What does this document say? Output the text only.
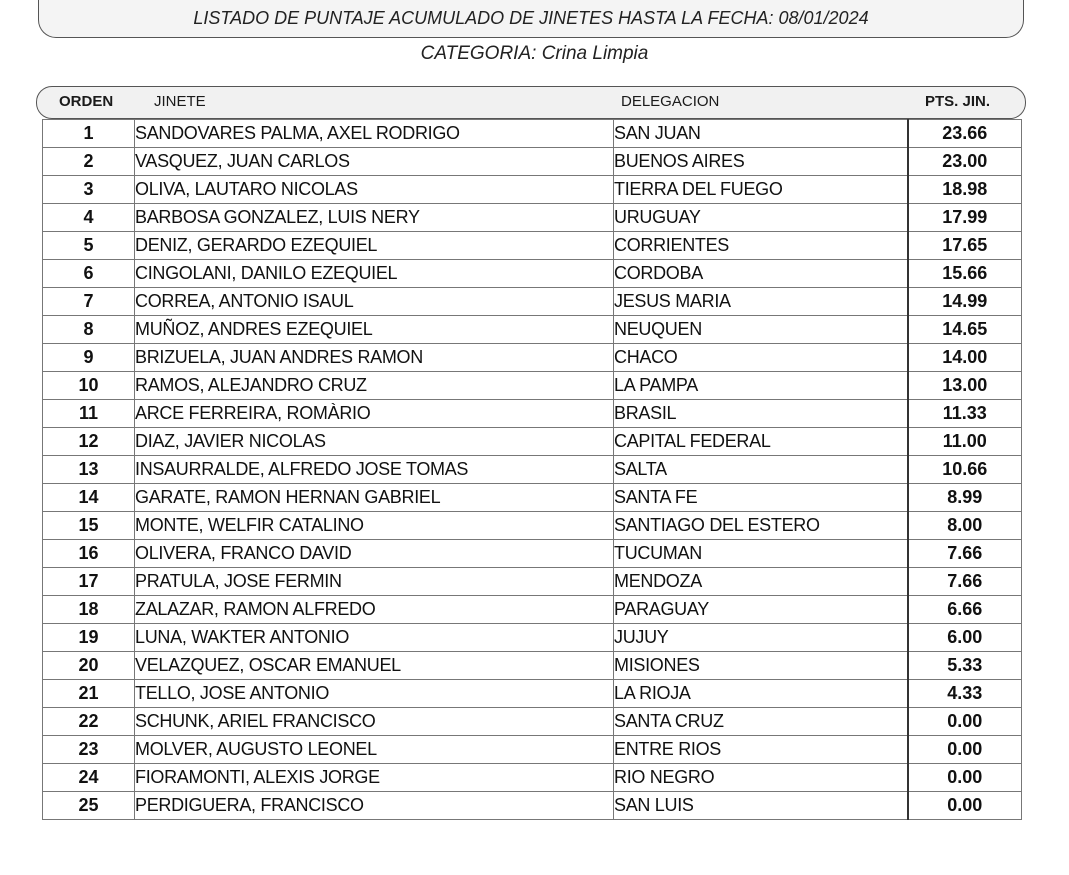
LISTADO DE PUNTAJE ACUMULADO DE JINETES HASTA LA FECHA: 08/01/2024
CATEGORIA: Crina Limpia
ORDEN	JINETE	DELEGACION	PTS. JIN.
1	SANDOVARES PALMA, AXEL RODRIGO	SAN JUAN	23.66
2	VASQUEZ, JUAN CARLOS	BUENOS AIRES	23.00
3	OLIVA, LAUTARO NICOLAS	TIERRA DEL FUEGO	18.98
4	BARBOSA GONZALEZ, LUIS NERY	URUGUAY	17.99
5	DENIZ, GERARDO EZEQUIEL	CORRIENTES	17.65
6	CINGOLANI, DANILO EZEQUIEL	CORDOBA	15.66
7	CORREA, ANTONIO ISAUL	JESUS MARIA	14.99
8	MUÑOZ, ANDRES EZEQUIEL	NEUQUEN	14.65
9	BRIZUELA, JUAN ANDRES RAMON	CHACO	14.00
10	RAMOS, ALEJANDRO CRUZ	LA PAMPA	13.00
11	ARCE FERREIRA, ROMÀRIO	BRASIL	11.33
12	DIAZ, JAVIER NICOLAS	CAPITAL FEDERAL	11.00
13	INSAURRALDE, ALFREDO JOSE TOMAS	SALTA	10.66
14	GARATE, RAMON HERNAN GABRIEL	SANTA FE	8.99
15	MONTE, WELFIR CATALINO	SANTIAGO DEL ESTERO	8.00
16	OLIVERA, FRANCO DAVID	TUCUMAN	7.66
17	PRATULA, JOSE FERMIN	MENDOZA	7.66
18	ZALAZAR, RAMON ALFREDO	PARAGUAY	6.66
19	LUNA, WAKTER ANTONIO	JUJUY	6.00
20	VELAZQUEZ, OSCAR EMANUEL	MISIONES	5.33
21	TELLO, JOSE ANTONIO	LA RIOJA	4.33
22	SCHUNK, ARIEL FRANCISCO	SANTA CRUZ	0.00
23	MOLVER, AUGUSTO LEONEL	ENTRE RIOS	0.00
24	FIORAMONTI, ALEXIS JORGE	RIO NEGRO	0.00
25	PERDIGUERA, FRANCISCO	SAN LUIS	0.00
